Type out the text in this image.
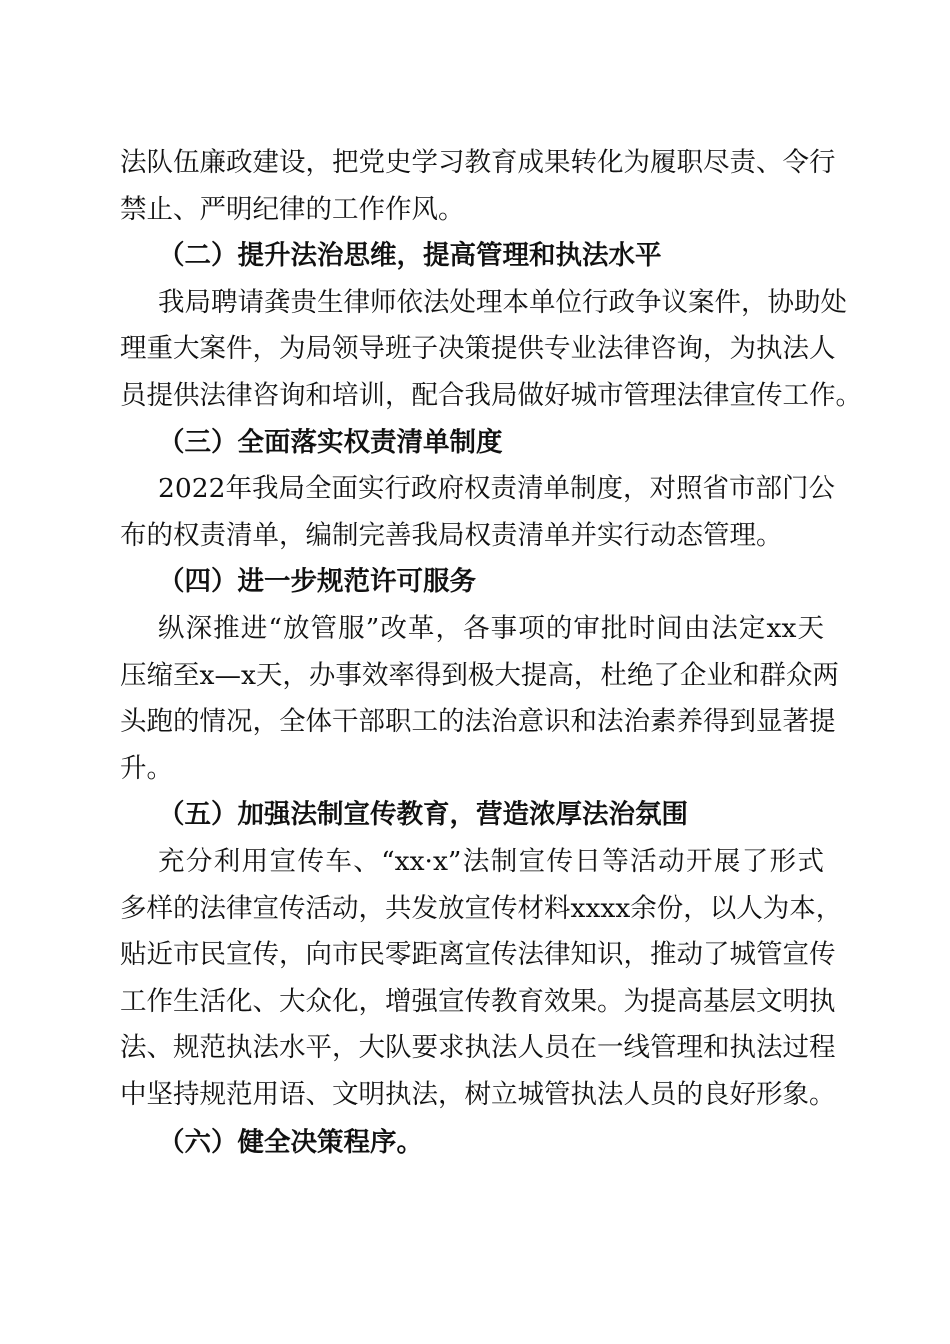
法队伍廉政建设，把党史学习教育成果转化为履职尽责、令行
禁止、严明纪律的工作作风。
（二）提升法治思维，提高管理和执法水平
我局聘请龚贵生律师依法处理本单位行政争议案件，协助处
理重大案件，为局领导班子决策提供专业法律咨询，为执法人
员提供法律咨询和培训，配合我局做好城市管理法律宣传工作。
（三）全面落实权责清单制度
2022年我局全面实行政府权责清单制度，对照省市部门公
布的权责清单，编制完善我局权责清单并实行动态管理。
（四）进一步规范许可服务
纵深推进“放管服”改革，各事项的审批时间由法定xx天
压缩至x—x天，办事效率得到极大提高，杜绝了企业和群众两
头跑的情况，全体干部职工的法治意识和法治素养得到显著提
升。
（五）加强法制宣传教育，营造浓厚法治氛围
充分利用宣传车、“xx·x”法制宣传日等活动开展了形式
多样的法律宣传活动，共发放宣传材料xxxx余份，以人为本，
贴近市民宣传，向市民零距离宣传法律知识，推动了城管宣传
工作生活化、大众化，增强宣传教育效果。为提高基层文明执
法、规范执法水平，大队要求执法人员在一线管理和执法过程
中坚持规范用语、文明执法，树立城管执法人员的良好形象。
（六）健全决策程序。
